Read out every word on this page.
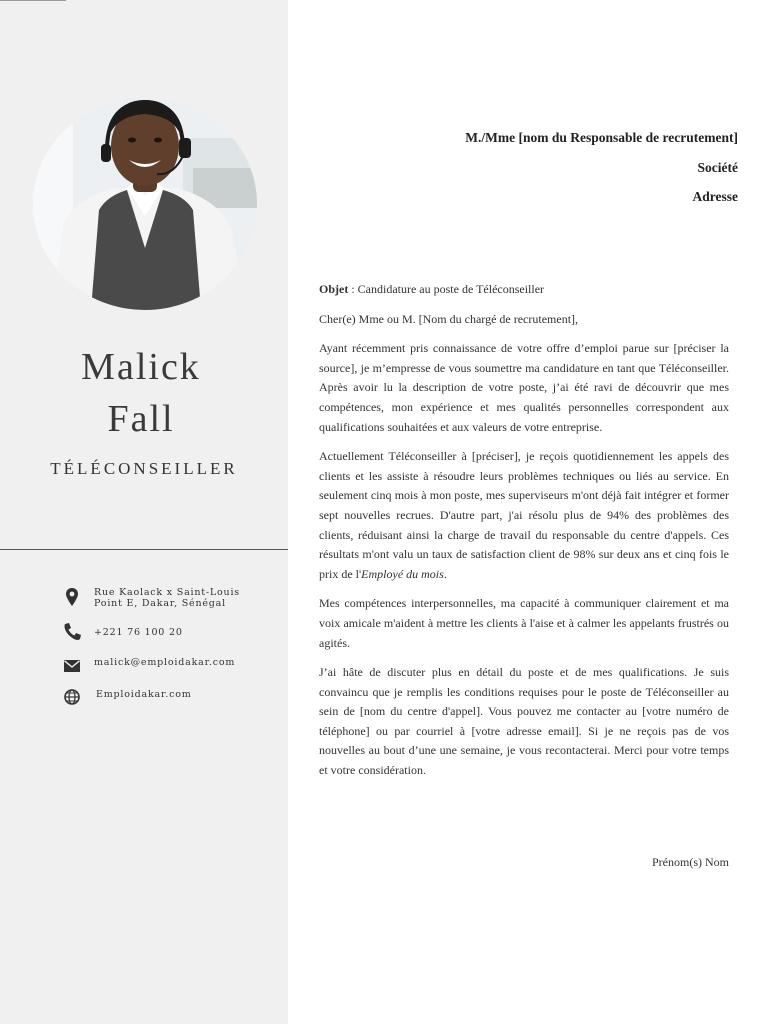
Malick
Fall
TÉLÉCONSEILLER
Rue Kaolack x Saint-Louis
Point E, Dakar, Sénégal
+221 76 100 20
malick@emploidakar.com
Emploidakar.com
M./Mme [nom du Responsable de recrutement]
Société
Adresse

Objet : Candidature au poste de Téléconseiller

Cher(e) Mme ou M. [Nom du chargé de recrutement],

Ayant récemment pris connaissance de votre offre d’emploi parue sur [préciser la source], je m’empresse de vous soumettre ma candidature en tant que Téléconseiller. Après avoir lu la description de votre poste, j’ai été ravi de découvrir que mes compétences, mon expérience et mes qualités personnelles correspondent aux qualifications souhaitées et aux valeurs de votre entreprise.

Actuellement Téléconseiller à [préciser], je reçois quotidiennement les appels des clients et les assiste à résoudre leurs problèmes techniques ou liés au service. En seulement cinq mois à mon poste, mes superviseurs m'ont déjà fait intégrer et former sept nouvelles recrues. D'autre part, j'ai résolu plus de 94% des problèmes des clients, réduisant ainsi la charge de travail du responsable du centre d'appels. Ces résultats m'ont valu un taux de satisfaction client de 98% sur deux ans et cinq fois le prix de l'Employé du mois.

Mes compétences interpersonnelles, ma capacité à communiquer clairement et ma voix amicale m'aident à mettre les clients à l'aise et à calmer les appelants frustrés ou agités.

J’ai hâte de discuter plus en détail du poste et de mes qualifications. Je suis convaincu que je remplis les conditions requises pour le poste de Téléconseiller au sein de [nom du centre d'appel]. Vous pouvez me contacter au [votre numéro de téléphone] ou par courriel à [votre adresse email]. Si je ne reçois pas de vos nouvelles au bout d’une une semaine, je vous recontacterai. Merci pour votre temps et votre considération.

Prénom(s) Nom
